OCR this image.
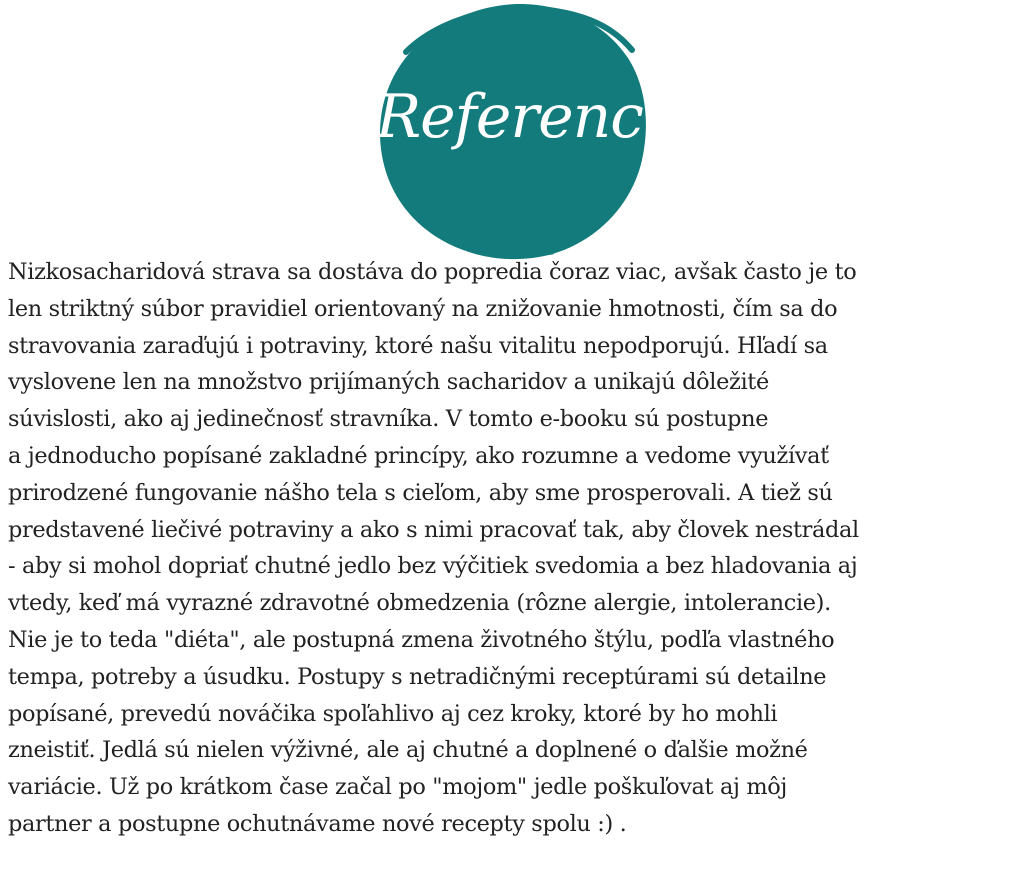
Referencie

Nizkosacharidová strava sa dostáva do popredia čoraz viac, avšak často je to
len striktný súbor pravidiel orientovaný na znižovanie hmotnosti, čím sa do
stravovania zaraďujú i potraviny, ktoré našu vitalitu nepodporujú. Hľadí sa
vyslovene len na množstvo prijímaných sacharidov a unikajú dôležité
súvislosti, ako aj jedinečnosť stravníka. V tomto e-booku sú postupne
a jednoducho popísané zakladné princípy, ako rozumne a vedome využívať
prirodzené fungovanie nášho tela s cieľom, aby sme prosperovali. A tiež sú
predstavené liečivé potraviny a ako s nimi pracovať tak, aby človek nestrádal
- aby si mohol dopriať chutné jedlo bez výčitiek svedomia a bez hladovania aj
vtedy, keď má vyrazné zdravotné obmedzenia (rôzne alergie, intolerancie).
Nie je to teda "diéta", ale postupná zmena životného štýlu, podľa vlastného
tempa, potreby a úsudku. Postupy s netradičnými receptúrami sú detailne
popísané, prevedú nováčika spoľahlivo aj cez kroky, ktoré by ho mohli
zneistiť. Jedlá sú nielen výživné, ale aj chutné a doplnené o ďalšie možné
variácie. Už po krátkom čase začal po "mojom" jedle poškuľovat aj môj
partner a postupne ochutnávame nové recepty spolu :) .
